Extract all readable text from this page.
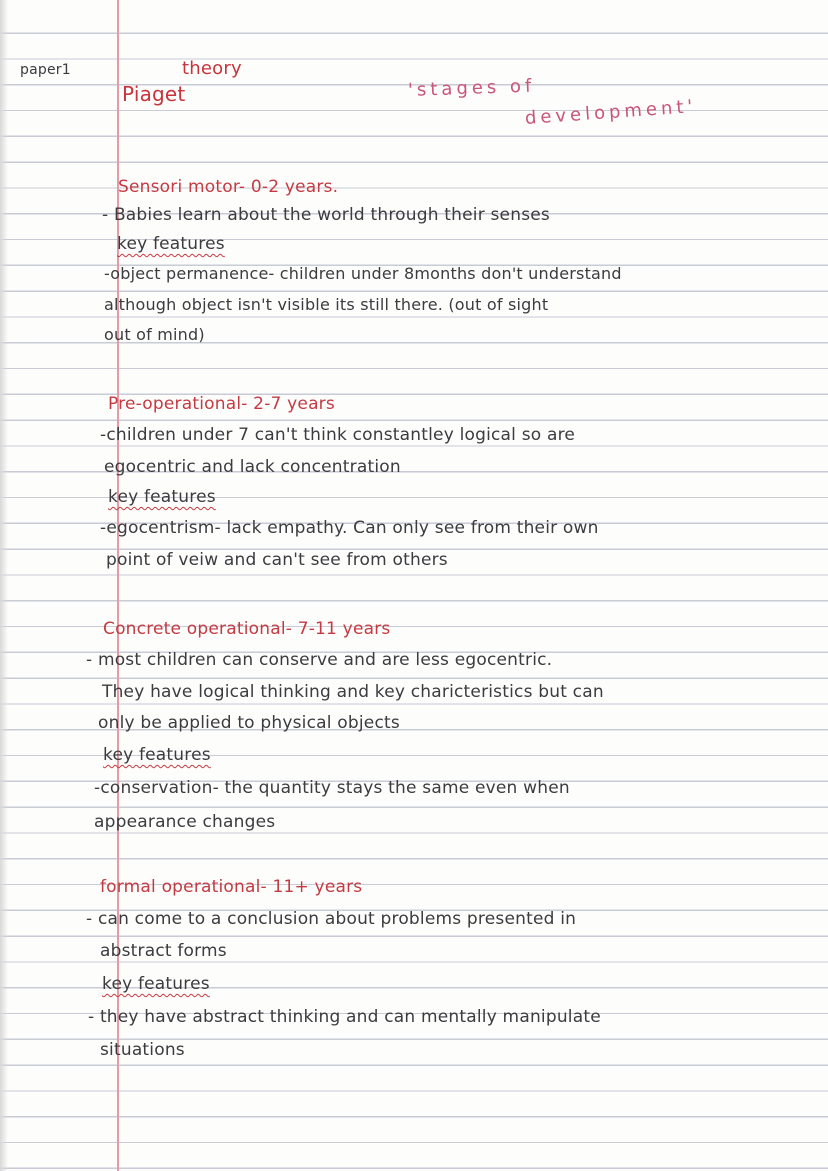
paper1	theory

Piaget	'stages of

development'

Sensori motor- 0-2 years.

- Babies learn about the world through their senses

key features

-object permanence- children under 8months don't understand

although object isn't visible its still there. (out of sight

out of mind)

Pre-operational- 2-7 years

-children under 7 can't think constantley logical so are

egocentric and lack concentration

key features

-egocentrism- lack empathy. Can only see from their own

point of veiw and can't see from others

Concrete operational- 7-11 years

- most children can conserve and are less egocentric.

They have logical thinking and key charicteristics but can

only be applied to physical objects

key features

-conservation- the quantity stays the same even when

appearance changes

formal operational- 11+ years

- can come to a conclusion about problems presented in

abstract forms

key features

- they have abstract thinking and can mentally manipulate

situations
